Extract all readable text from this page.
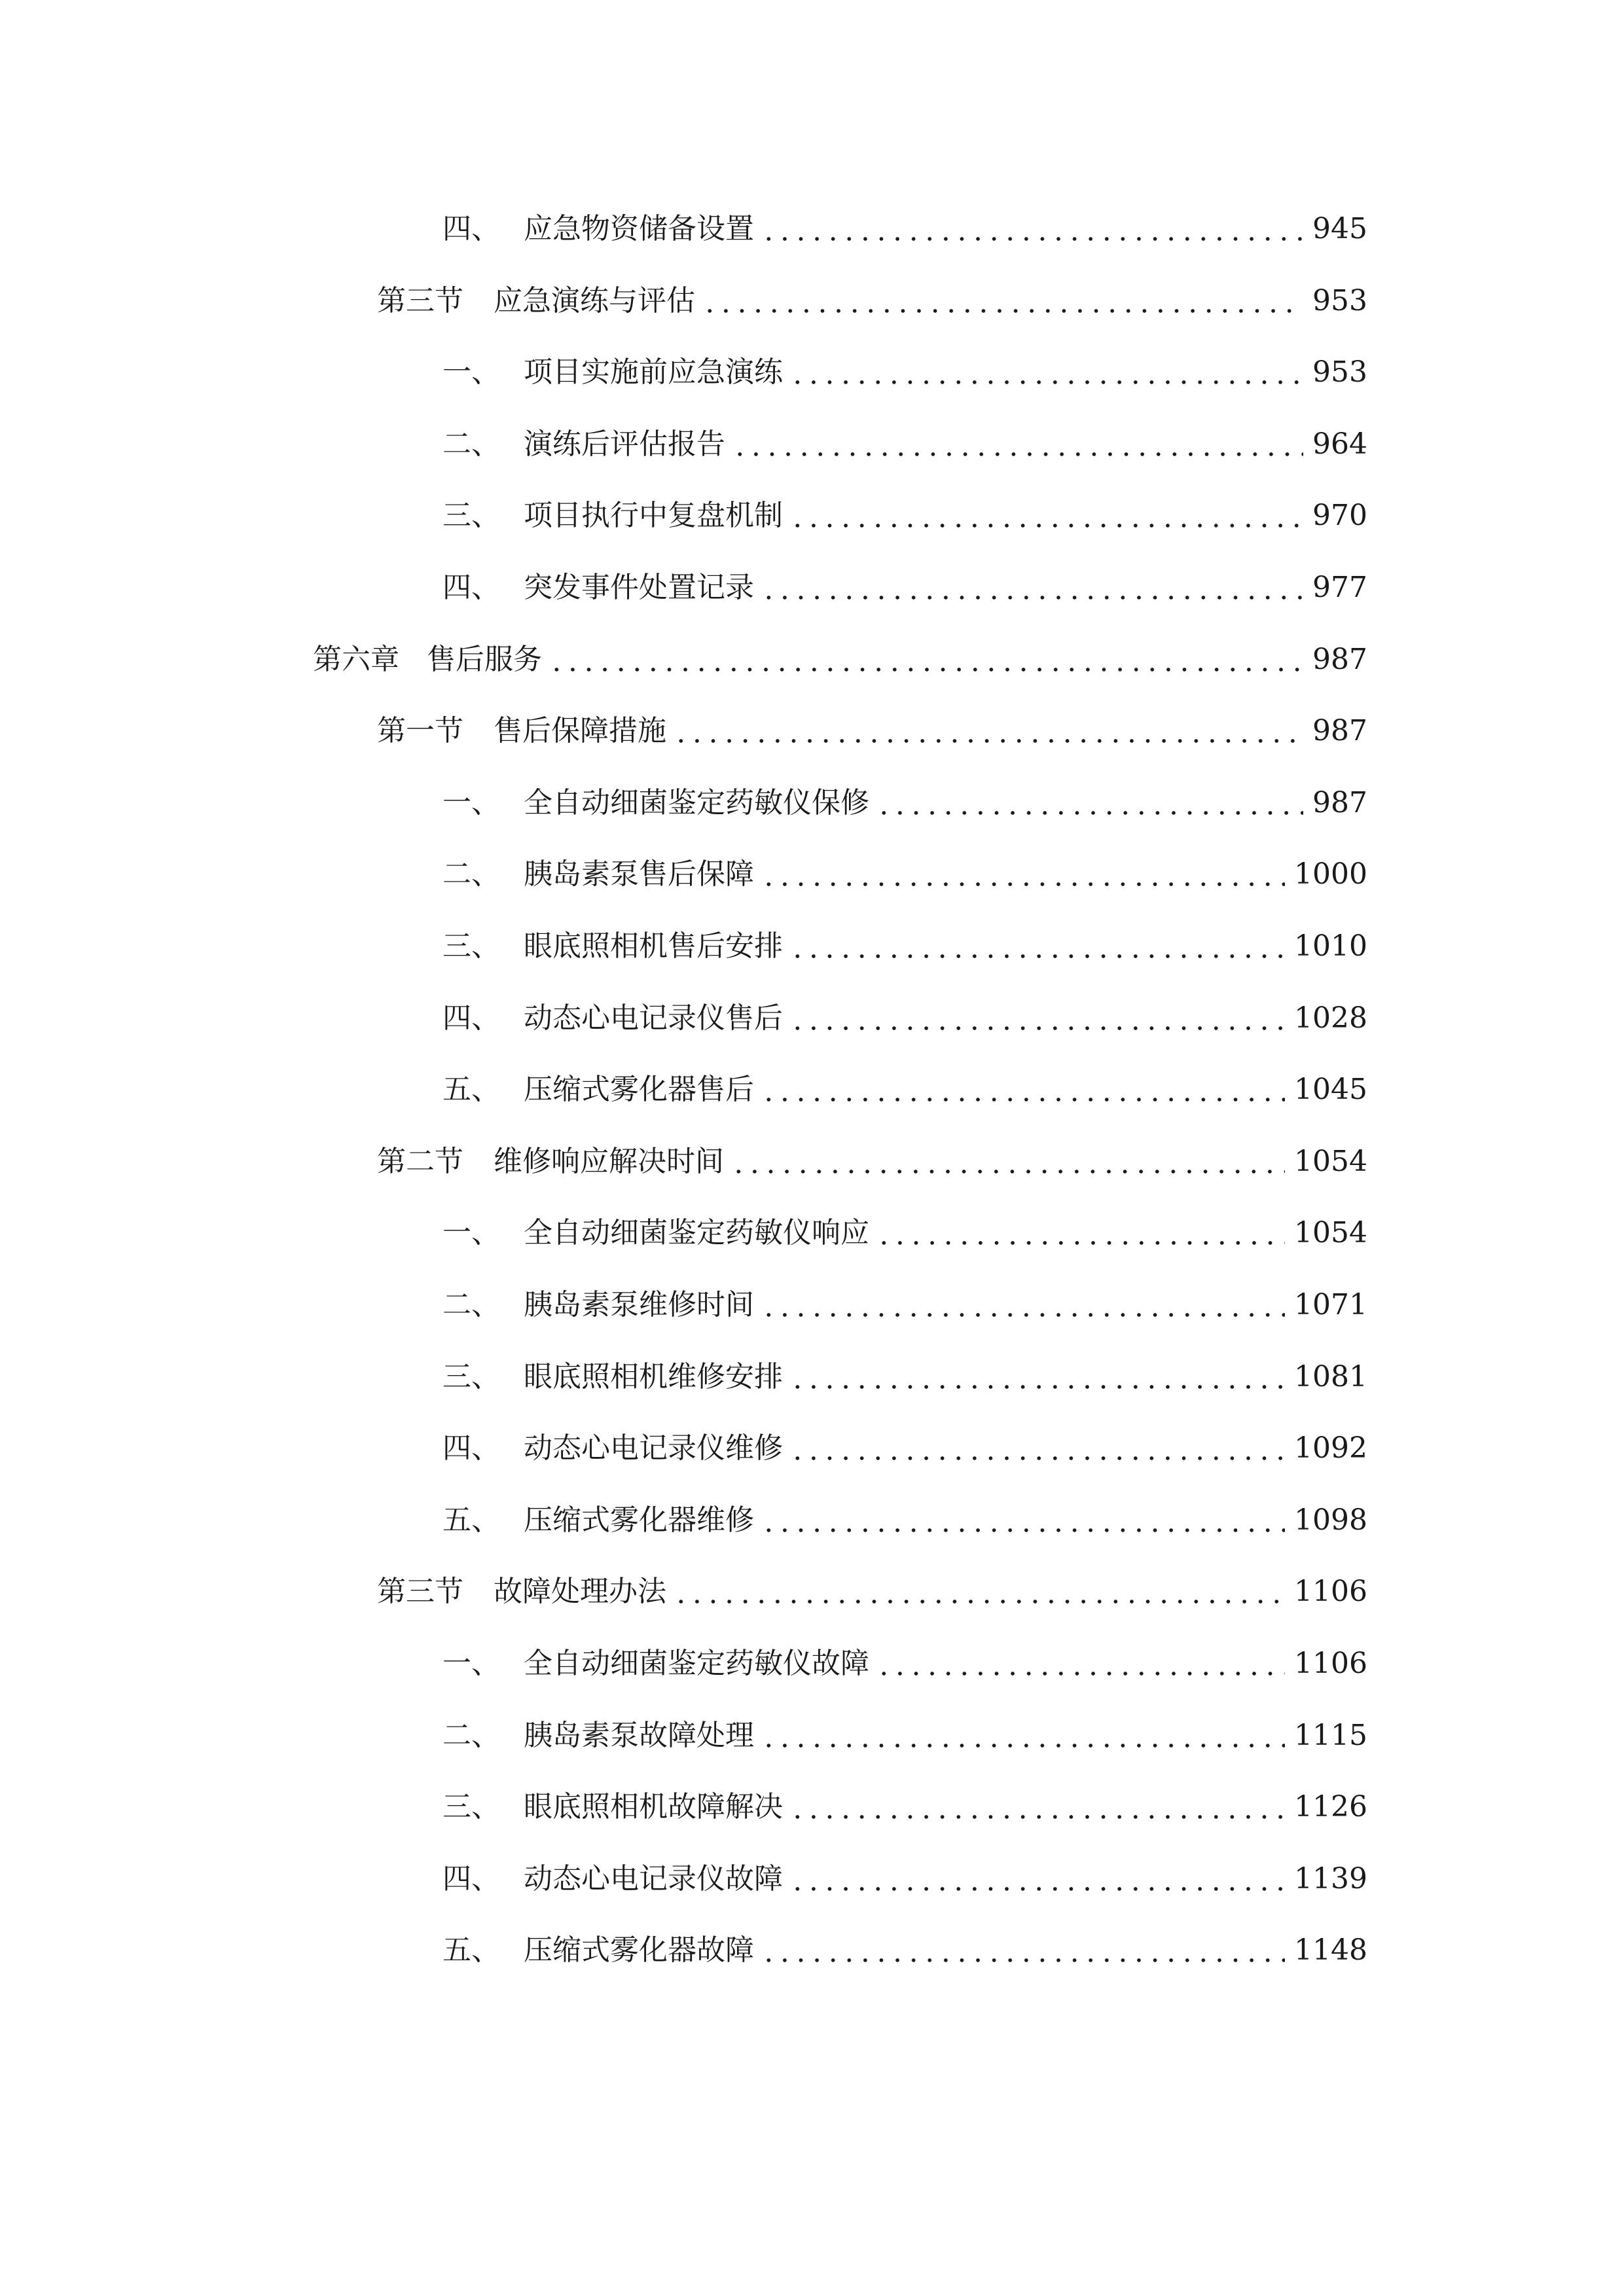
四、 应急物资储备设置	945
第三节	应急演练与评估	953
一、 项目实施前应急演练	953
二、 演练后评估报告	964
三、 项目执行中复盘机制	970
四、 突发事件处置记录	977
第六章 售后服务	987
第一节	售后保障措施	987
一、 全自动细菌鉴定药敏仪保修	987
二、 胰岛素泵售后保障	1000
三、 眼底照相机售后安排	1010
四、 动态心电记录仪售后	1028
五、 压缩式雾化器售后	1045
第二节	维修响应解决时间	1054
一、 全自动细菌鉴定药敏仪响应	1054
二、 胰岛素泵维修时间	1071
三、 眼底照相机维修安排	1081
四、 动态心电记录仪维修	1092
五、 压缩式雾化器维修	1098
第三节	故障处理办法	1106
一、 全自动细菌鉴定药敏仪故障	1106
二、 胰岛素泵故障处理	1115
三、 眼底照相机故障解决	1126
四、 动态心电记录仪故障	1139
五、 压缩式雾化器故障	1148
